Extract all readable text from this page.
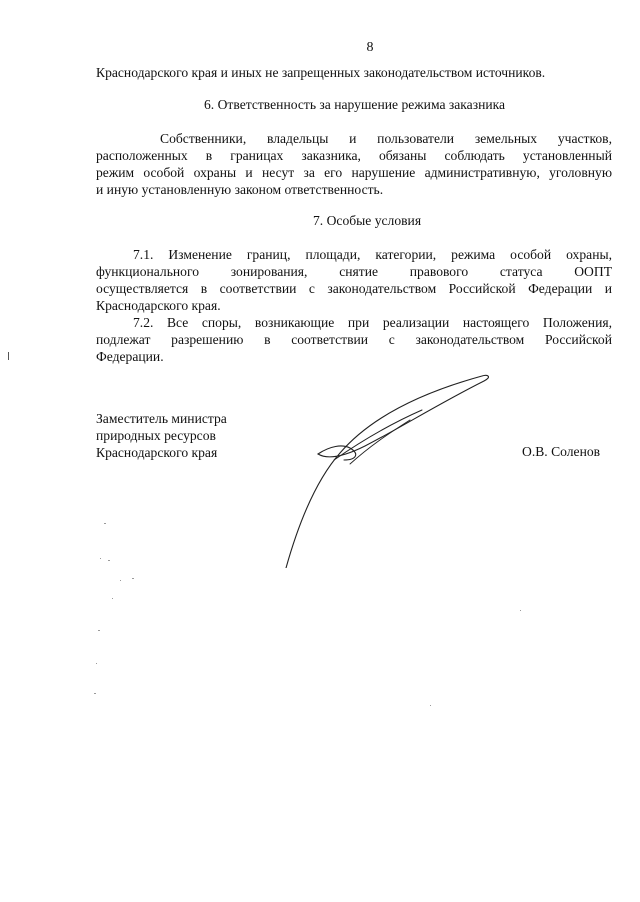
8
Краснодарского края и иных не запрещенных законодательством источников.
6. Ответственность за нарушение режима заказника
Собственники, владельцы и пользователи земельных участков,
расположенных в границах заказника, обязаны соблюдать установленный
режим особой охраны и несут за его нарушение административную, уголовную
и иную установленную законом ответственность.
7. Особые условия
7.1. Изменение границ, площади, категории, режима особой охраны,
функционального зонирования, снятие правового статуса ООПТ
осуществляется в соответствии с законодательством Российской Федерации и
Краснодарского края.
7.2. Все споры, возникающие при реализации настоящего Положения,
подлежат разрешению в соответствии с законодательством Российской
Федерации.
Заместитель министра
природных ресурсов
Краснодарского края	О.В. Соленов
